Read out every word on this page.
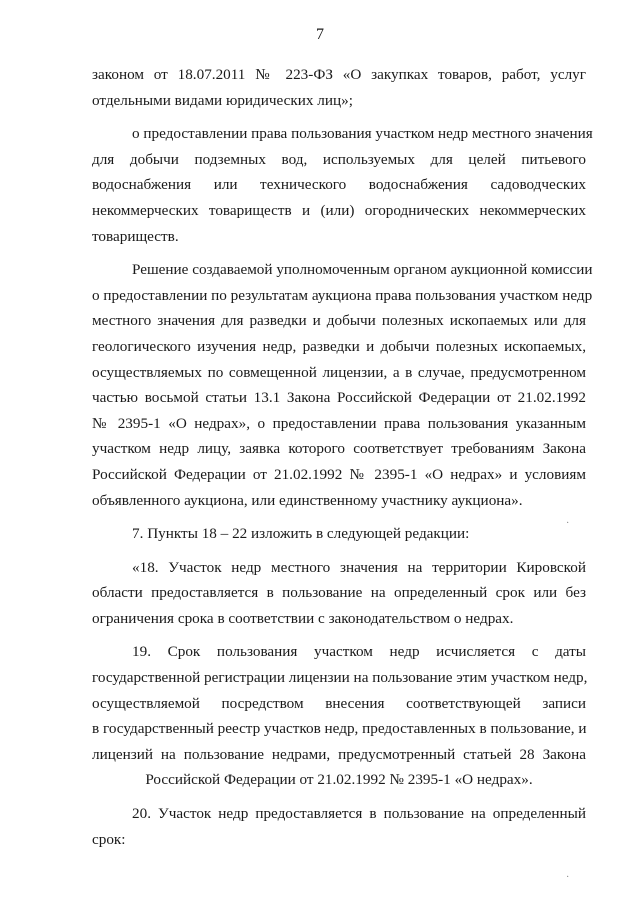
7
законом от 18.07.2011 № 223-ФЗ «О закупках товаров, работ, услуг
отдельными видами юридических лиц»;
o предоставлении права пользования участком недр местного значения
для добычи подземных вод, используемых для целей питьевого
водоснабжения или технического водоснабжения садоводческих
некоммерческих товариществ и (или) огороднических некоммерческих
товариществ.
Решение создаваемой уполномоченным органом аукционной комиссии
о предоставлении по результатам аукциона права пользования участком недр
местного значения для разведки и добычи полезных ископаемых или для
геологического изучения недр, разведки и добычи полезных ископаемых,
осуществляемых по совмещенной лицензии, а в случае, предусмотренном
частью восьмой статьи 13.1 Закона Российской Федерации от 21.02.1992
№ 2395-1 «О недрах», о предоставлении права пользования указанным
участком недр лицу, заявка которого соответствует требованиям Закона
Российской Федерации от 21.02.1992 № 2395-1 «О недрах» и условиям
объявленного аукциона, или единственному участнику аукциона».
7. Пункты 18 – 22 изложить в следующей редакции:
«18. Участок недр местного значения на территории Кировской
области предоставляется в пользование на определенный срок или без
ограничения срока в соответствии с законодательством о недрах.
19. Срок пользования участком недр исчисляется с даты
государственной регистрации лицензии на пользование этим участком недр,
осуществляемой посредством внесения соответствующей записи
в государственный реестр участков недр, предоставленных в пользование, и
лицензий на пользование недрами, предусмотренный статьей 28 Закона
Российской Федерации от 21.02.1992 № 2395-1 «О недрах».
20. Участок недр предоставляется в пользование на определенный
срок:
·
·
